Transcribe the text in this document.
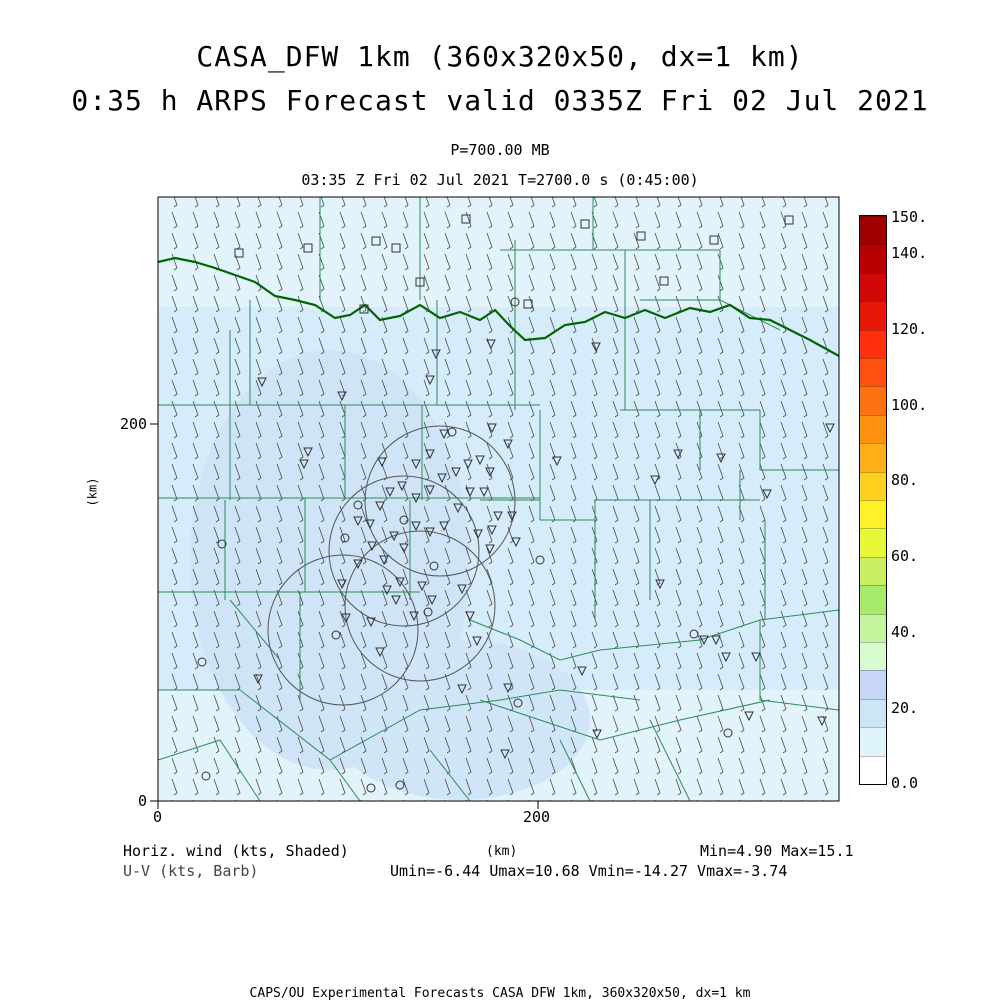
CASA_DFW 1km (360x320x50, dx=1 km)
0:35 h ARPS Forecast valid 0335Z Fri 02 Jul 2021
P=700.00 MB
03:35 Z Fri 02 Jul 2021 T=2700.0 s (0:45:00)
150.
140.
120.
100.
80.
60.
40.
20.
0.0
0	200
0
200
(km)
(km)
Horiz. wind (kts, Shaded)
U-V (kts, Barb)
Min=4.90 Max=15.1
Umin=-6.44 Umax=10.68 Vmin=-14.27 Vmax=-3.74
CAPS/OU Experimental Forecasts CASA DFW 1km, 360x320x50, dx=1 km
